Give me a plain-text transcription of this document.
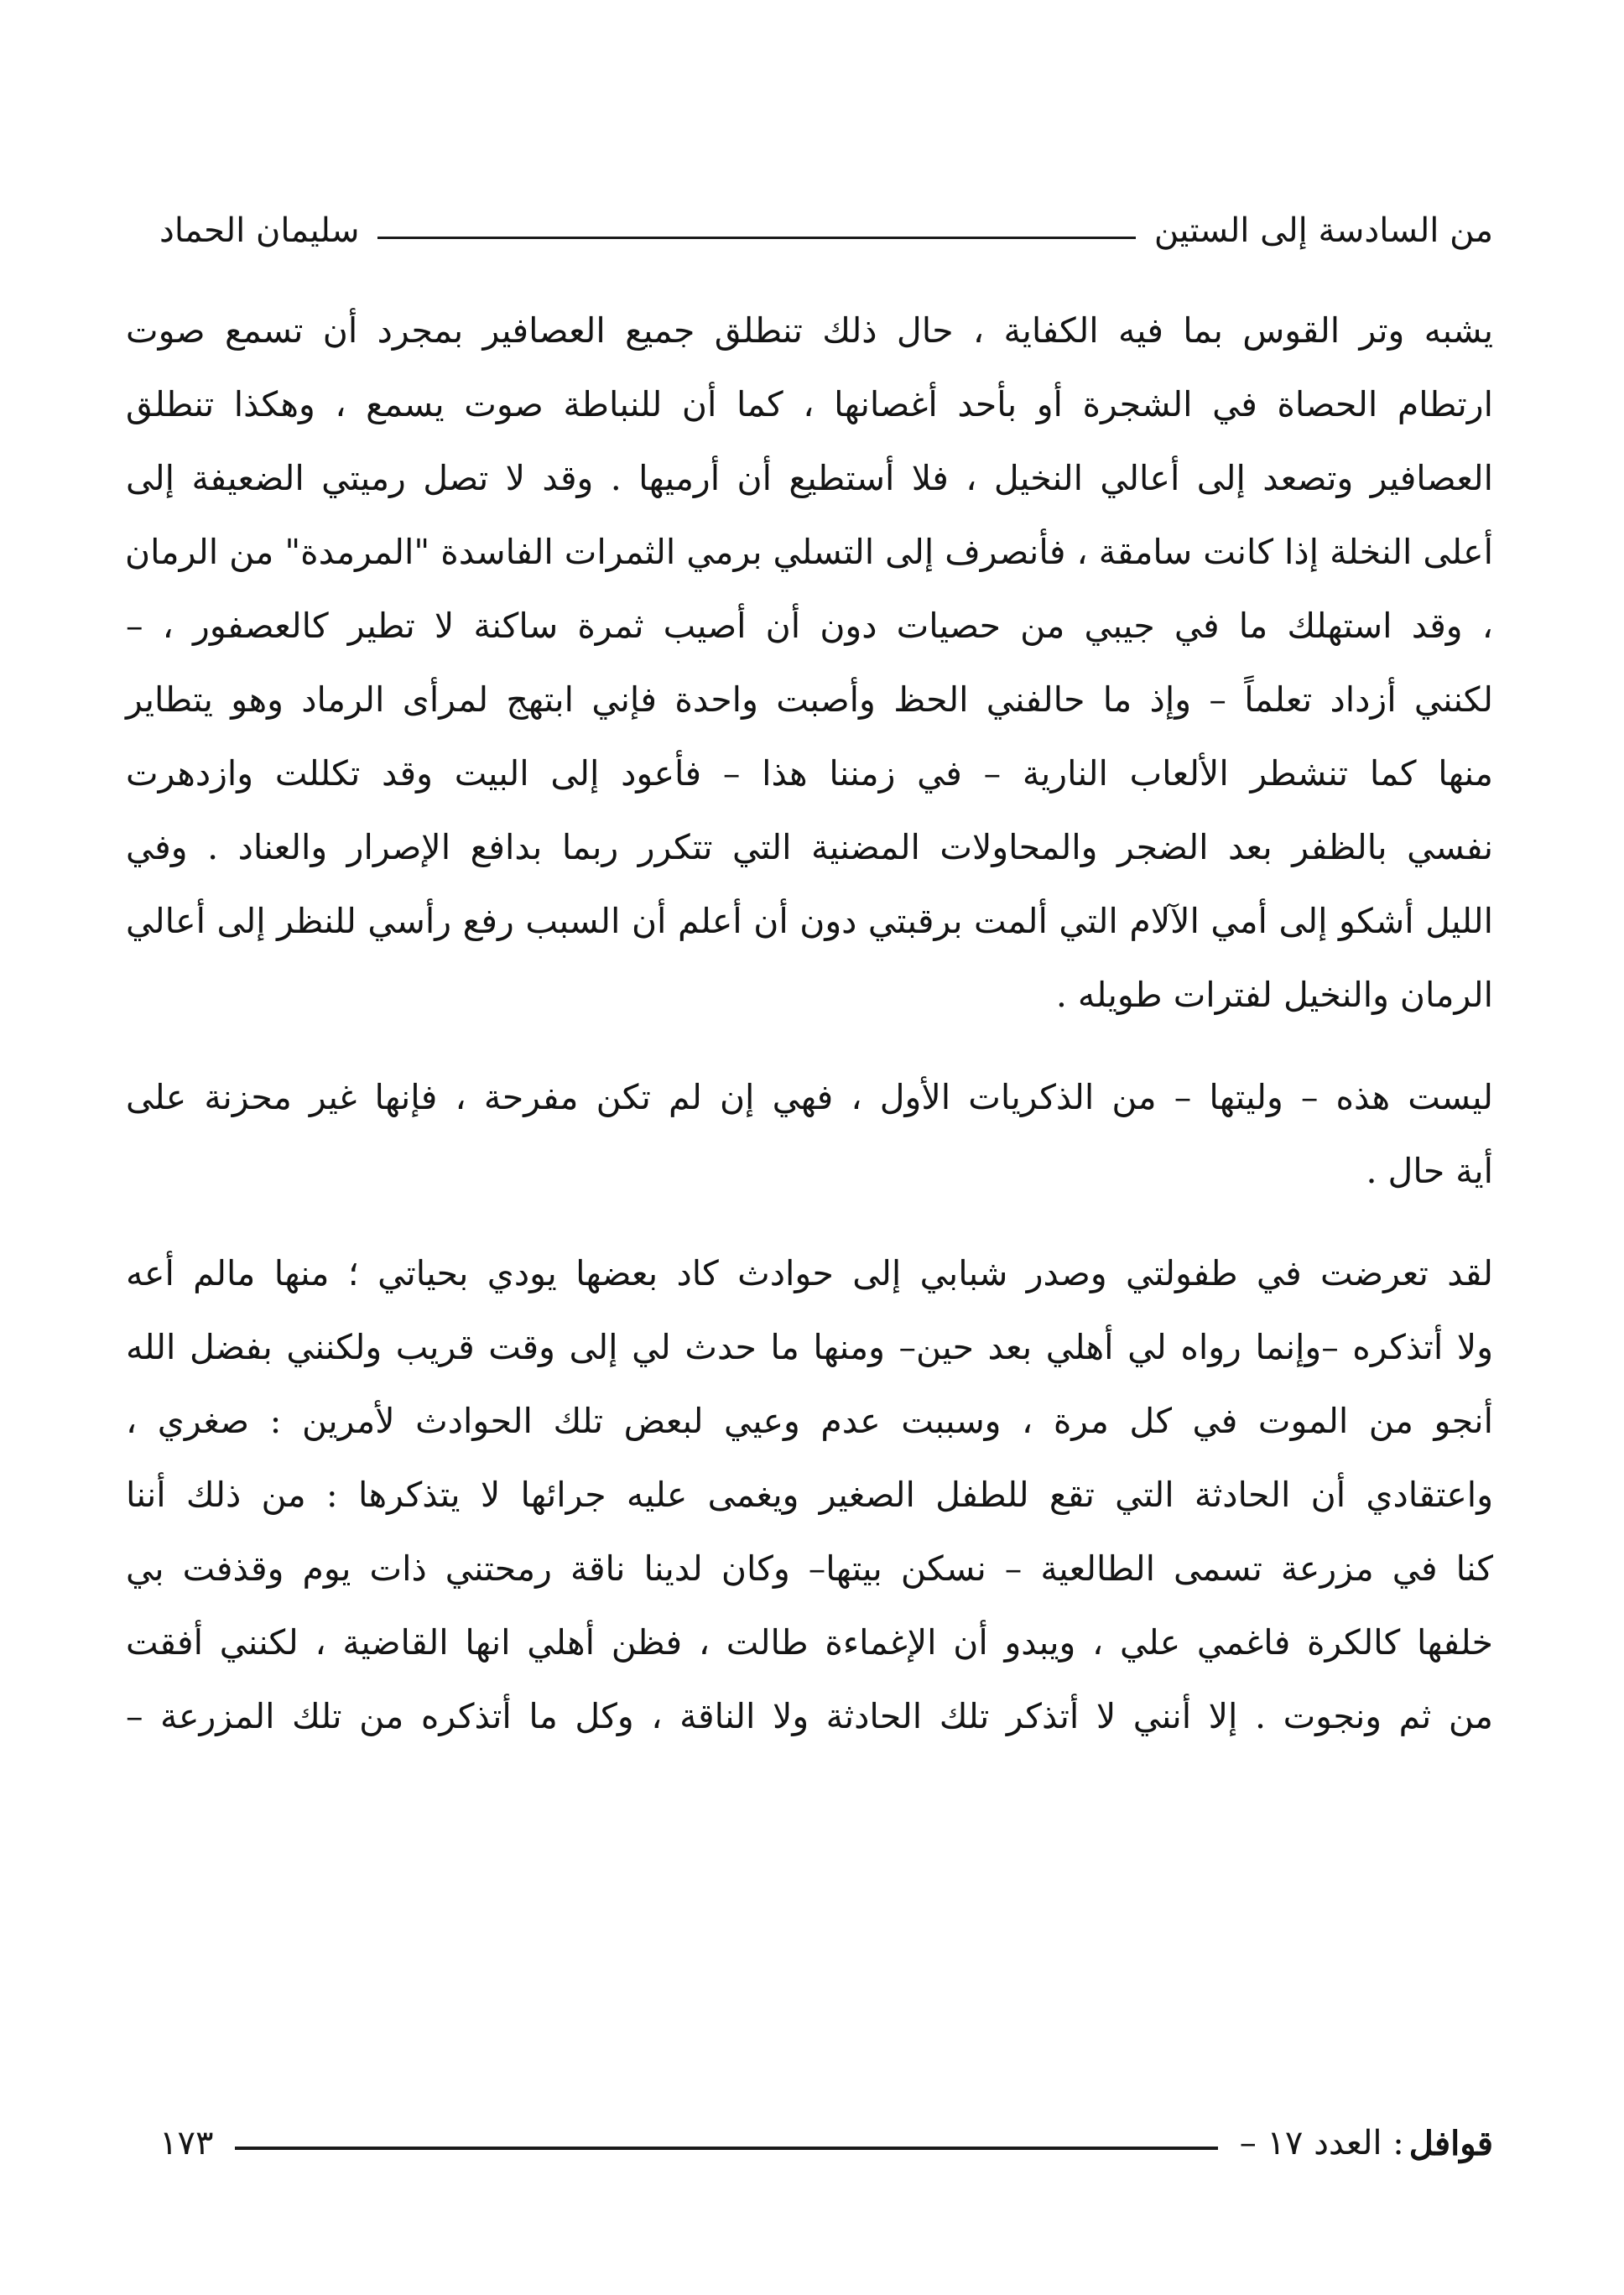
من السادسة إلى الستين
سليمان الحماد

يشبه وتر القوس بما فيه الكفاية ، حال ذلك تنطلق جميع العصافير بمجرد أن تسمع صوت
ارتطام الحصاة في الشجرة أو بأحد أغصانها ، كما أن للنباطة صوت يسمع ، وهكذا تنطلق
العصافير وتصعد إلى أعالي النخيل ، فلا أستطيع أن أرميها . وقد لا تصل رميتي الضعيفة إلى
أعلى النخلة إذا كانت سامقة ، فأنصرف إلى التسلي برمي الثمرات الفاسدة "المرمدة" من الرمان
، وقد استهلك ما في جيبي من حصيات دون أن أصيب ثمرة ساكنة لا تطير كالعصفور ، –
لكنني أزداد تعلماً – وإذ ما حالفني الحظ وأصبت واحدة فإني ابتهج لمرأى الرماد وهو يتطاير
منها كما تنشطر الألعاب النارية – في زمننا هذا – فأعود إلى البيت وقد تكللت وازدهرت
نفسي بالظفر بعد الضجر والمحاولات المضنية التي تتكرر ربما بدافع الإصرار والعناد . وفي
الليل أشكو إلى أمي الآلام التي ألمت برقبتي دون أن أعلم أن السبب رفع رأسي للنظر إلى أعالي
الرمان والنخيل لفترات طويله .

ليست هذه – وليتها – من الذكريات الأول ، فهي إن لم تكن مفرحة ، فإنها غير محزنة على
أية حال .

لقد تعرضت في طفولتي وصدر شبابي إلى حوادث كاد بعضها يودي بحياتي ؛ منها مالم أعه
ولا أتذكره –وإنما رواه لي أهلي بعد حين– ومنها ما حدث لي إلى وقت قريب ولكنني بفضل الله
أنجو من الموت في كل مرة ، وسببت عدم وعيي لبعض تلك الحوادث لأمرين : صغري ،
واعتقادي أن الحادثة التي تقع للطفل الصغير ويغمى عليه جرائها لا يتذكرها : من ذلك أننا
كنا في مزرعة تسمى الطالعية – نسكن بيتها– وكان لدينا ناقة رمحتني ذات يوم وقذفت بي
خلفها كالكرة فاغمي علي ، ويبدو أن الإغماءة طالت ، فظن أهلي انها القاضية ، لكنني أفقت
من ثم ونجوت . إلا أنني لا أتذكر تلك الحادثة ولا الناقة ، وكل ما أتذكره من تلك المزرعة –

قوافل
: العدد ١٧ –
١٧٣
